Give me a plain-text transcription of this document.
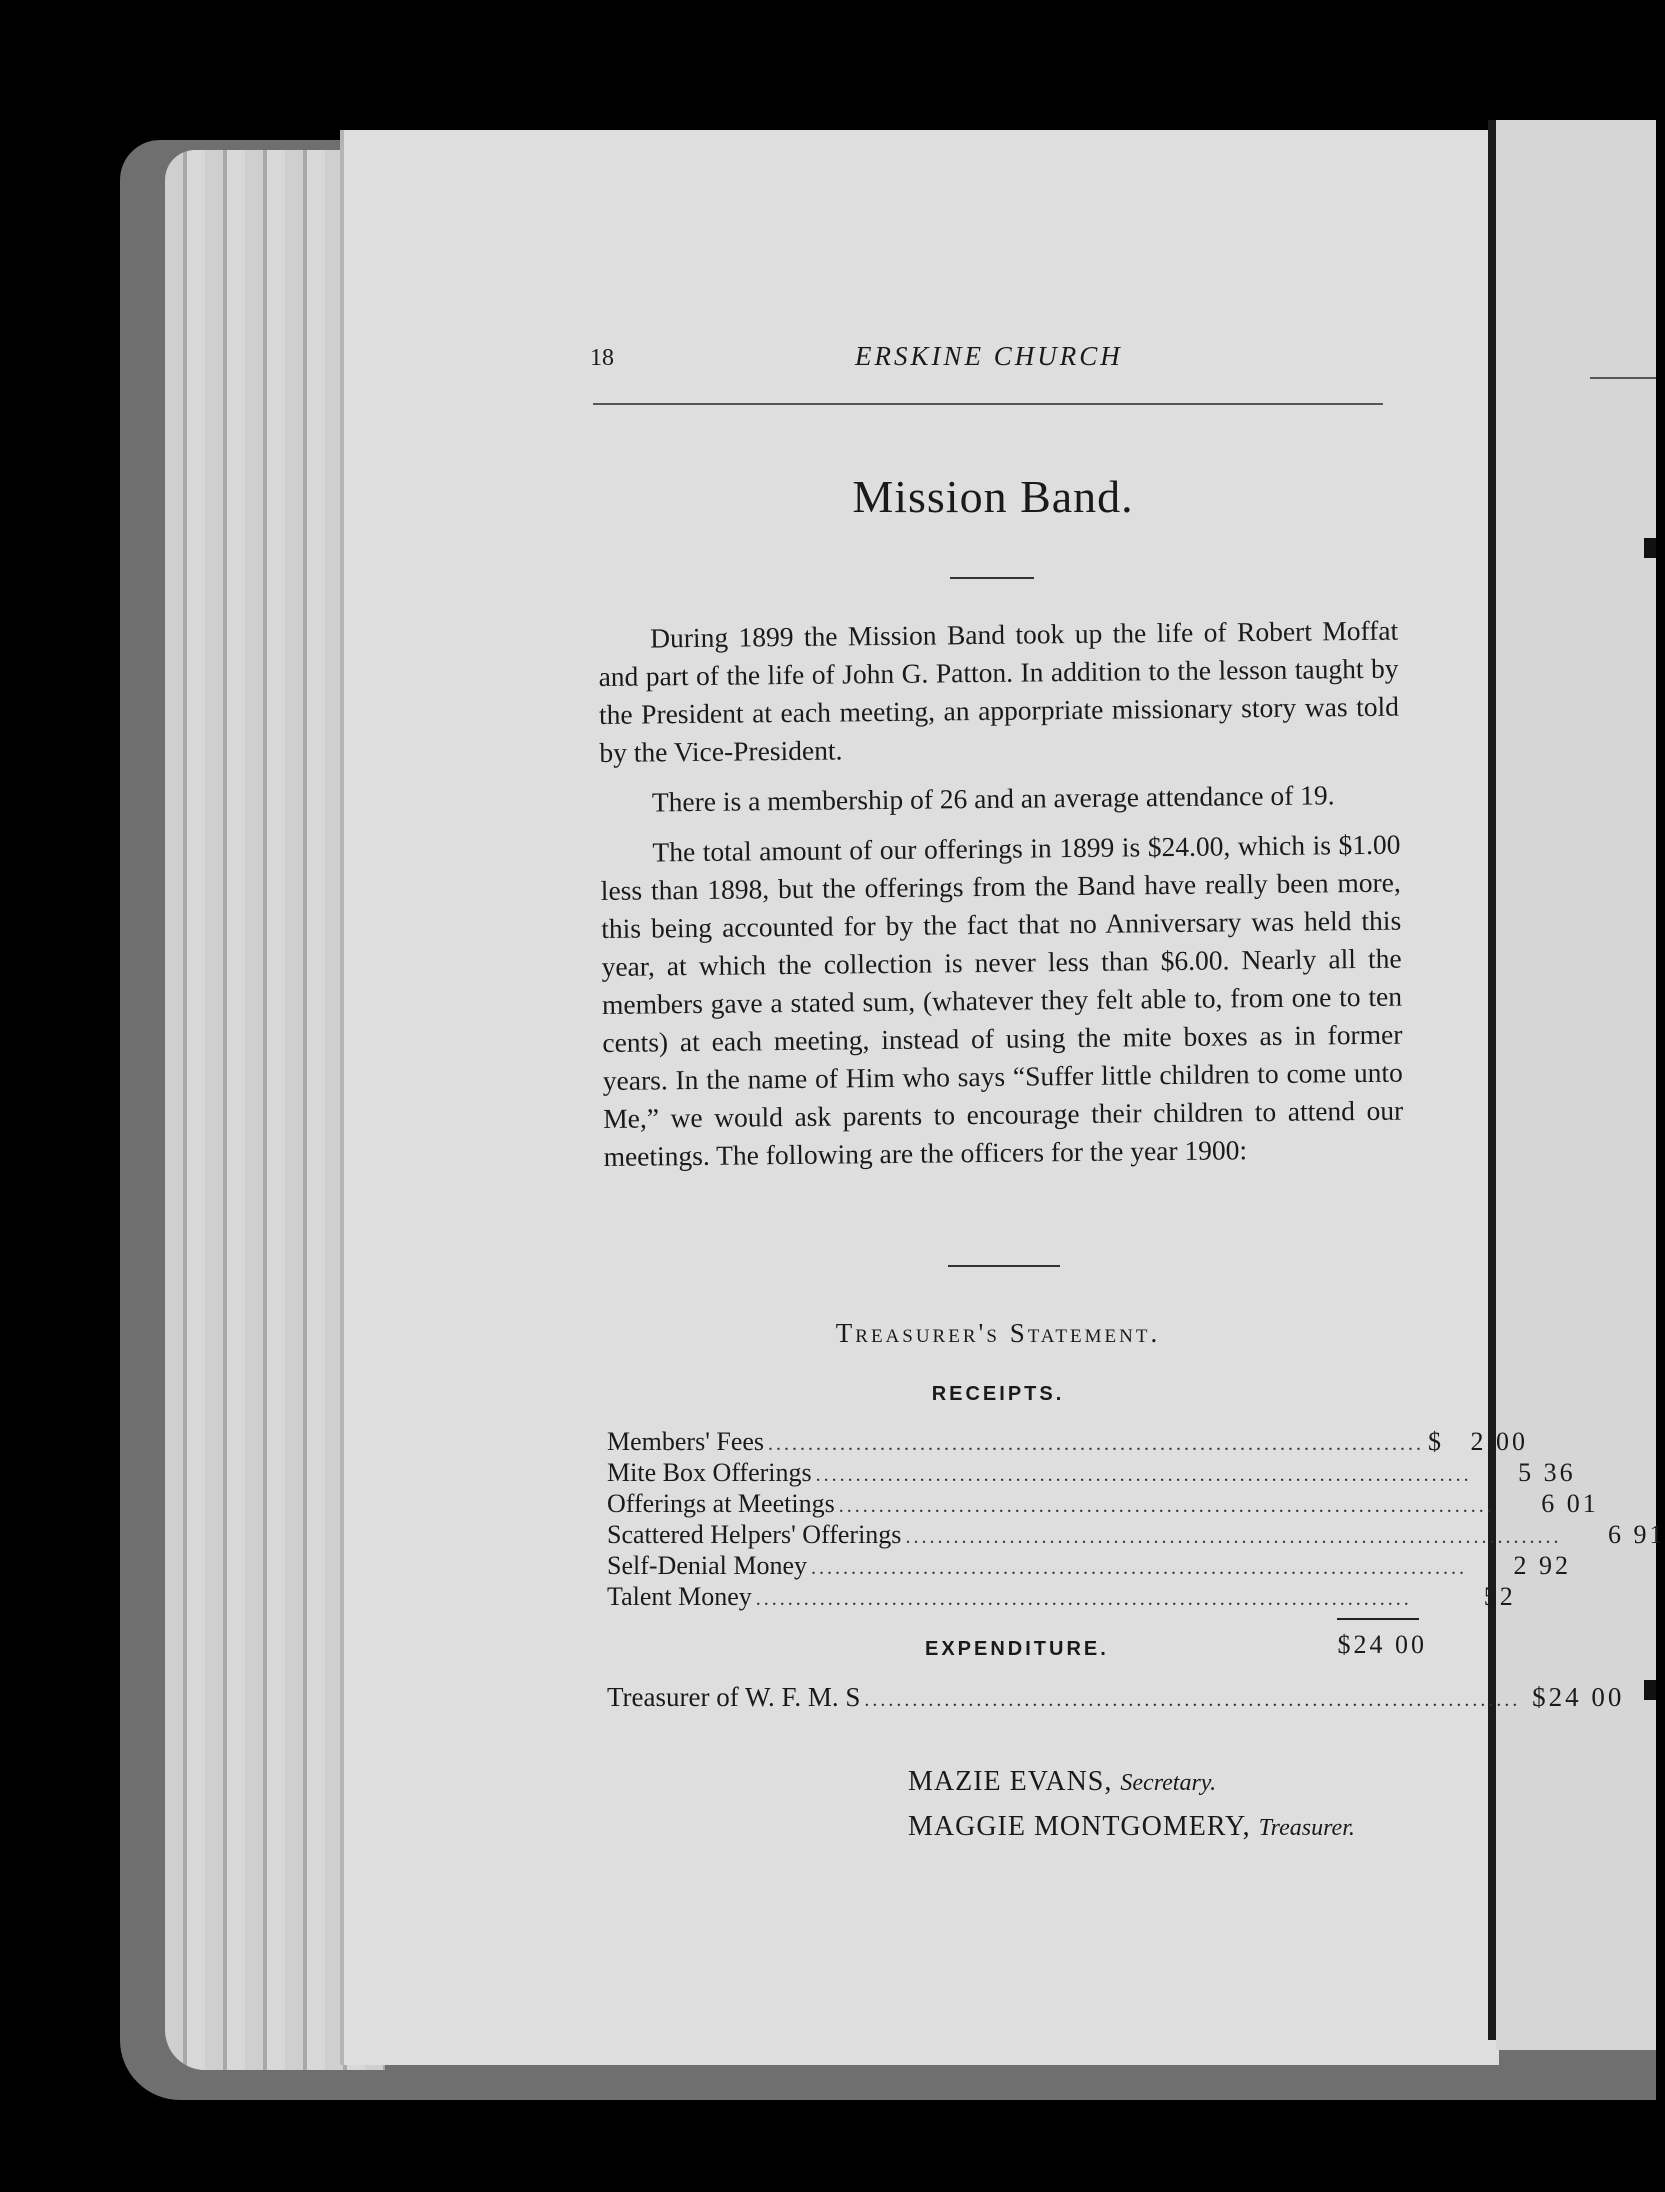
18	ERSKINE CHURCH
Mission Band.

During 1899 the Mission Band took up the life of Robert Moffat and part of the life of John G. Patton. In addition to the lesson taught by the President at each meeting, an apporpriate missionary story was told by the Vice-President.

There is a membership of 26 and an average attendance of 19.

The total amount of our offerings in 1899 is $24.00, which is $1.00 less than 1898, but the offerings from the Band have really been more, this being accounted for by the fact that no Anniversary was held this year, at which the collection is never less than $6.00. Nearly all the members gave a stated sum, (whatever they felt able to, from one to ten cents) at each meeting, instead of using the mite boxes as in former years. In the name of Him who says “Suffer little children to come unto Me,” we would ask parents to encourage their children to attend our meetings. The following are the officers for the year 1900:

Treasurer's Statement.
RECEIPTS.
Members' Fees .................................................................................. $	2 00
Mite Box Offerings ..................................................................................	5 36
Offerings at Meetings ..................................................................................	6 01
Scattered Helpers' Offerings ..................................................................................	6 91
Self-Denial Money ..................................................................................	2 92
Talent Money ..................................................................................	52
EXPENDITURE.	$24 00
Treasurer of W. F. M. S .................................................................................. $24 00
MAZIE EVANS, Secretary.
MAGGIE MONTGOMERY, Treasurer.
